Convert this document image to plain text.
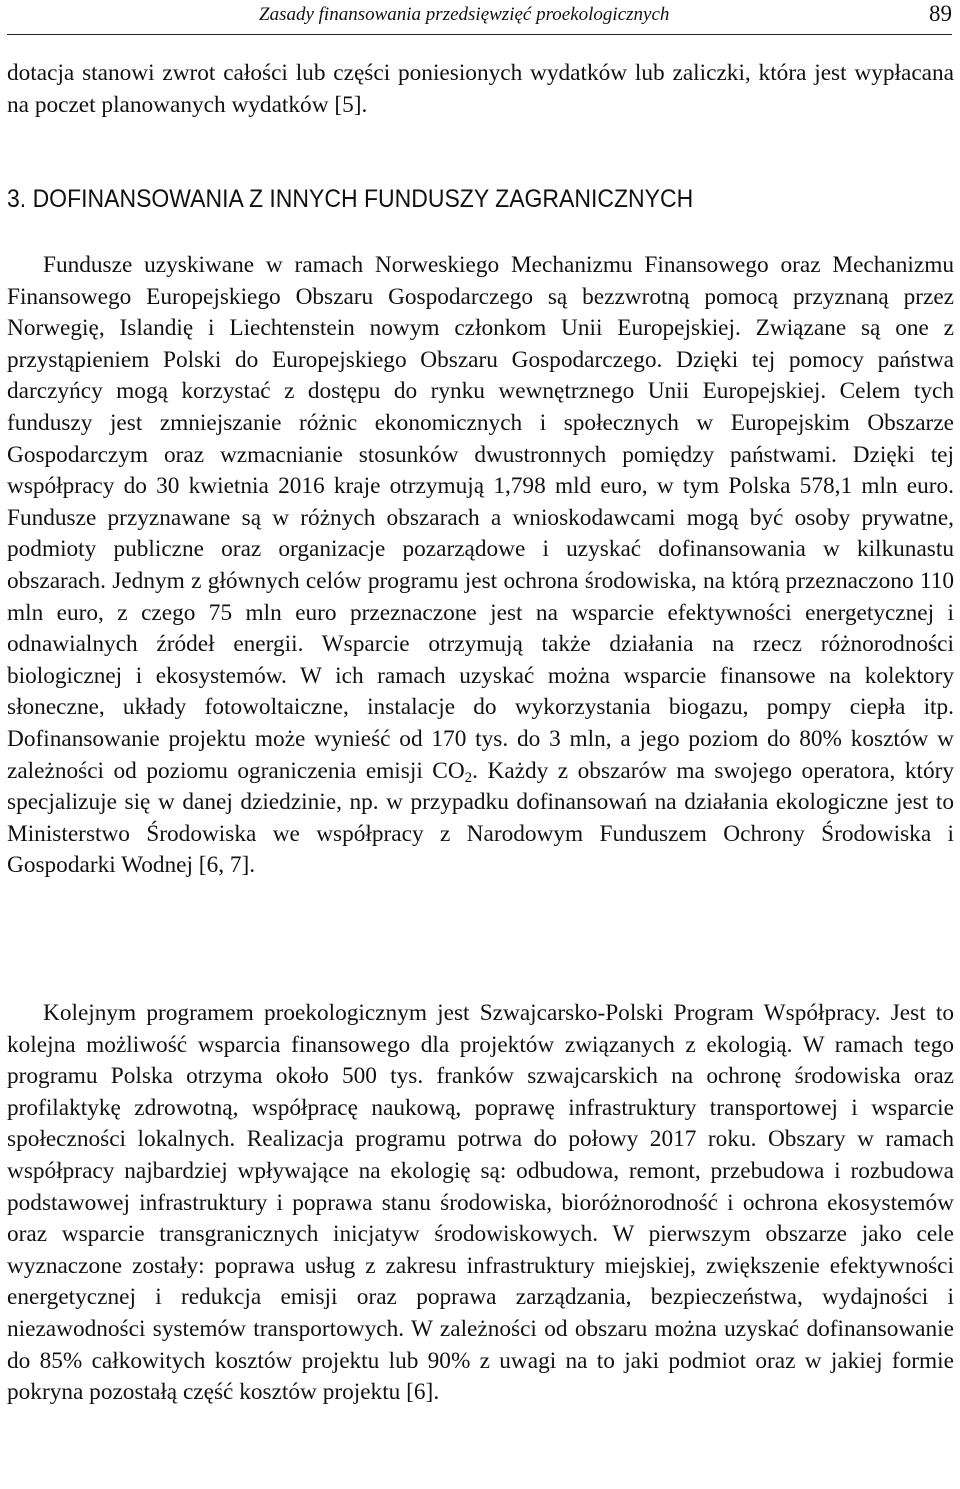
Zasady finansowania przedsięwzięć proekologicznych	89

dotacja stanowi zwrot całości lub części poniesionych wydatków lub zaliczki, która jest wypłacana na poczet planowanych wydatków [5].

3. DOFINANSOWANIA Z INNYCH FUNDUSZY ZAGRANICZNYCH

Fundusze uzyskiwane w ramach Norweskiego Mechanizmu Finansowego oraz Mechanizmu Finansowego Europejskiego Obszaru Gospodarczego są bezzwrotną pomocą przyznaną przez Norwegię, Islandię i Liechtenstein nowym członkom Unii Europejskiej. Związane są one z przystąpieniem Polski do Europejskiego Obszaru Gospodarczego. Dzięki tej pomocy państwa darczyńcy mogą korzystać z dostępu do rynku wewnętrznego Unii Europejskiej. Celem tych funduszy jest zmniejszanie różnic ekonomicznych i społecznych w Europejskim Obszarze Gospodarczym oraz wzmacnianie stosunków dwustronnych pomiędzy państwami. Dzięki tej współpracy do 30 kwietnia 2016 kraje otrzymują 1,798 mld euro, w tym Polska 578,1 mln euro. Fundusze przyznawane są w różnych obszarach a wnioskodawcami mogą być osoby prywatne, podmioty publiczne oraz organizacje pozarządowe i uzyskać dofinansowania w kilkunastu obszarach. Jednym z głównych celów programu jest ochrona środowiska, na którą przeznaczono 110 mln euro, z czego 75 mln euro przeznaczone jest na wsparcie efektywności energetycznej i odnawialnych źródeł energii. Wsparcie otrzymują także działania na rzecz różnorodności biologicznej i ekosystemów. W ich ramach uzyskać można wsparcie finansowe na kolektory słoneczne, układy fotowoltaiczne, instalacje do wykorzystania biogazu, pompy ciepła itp. Dofinansowanie projektu może wynieść od 170 tys. do 3 mln, a jego poziom do 80% kosztów w zależności od poziomu ograniczenia emisji $CO_2$. Każdy z obszarów ma swojego operatora, który specjalizuje się w danej dziedzinie, np. w przypadku dofinansowań na działania ekologiczne jest to Ministerstwo Środowiska we współpracy z Narodowym Funduszem Ochrony Środowiska i Gospodarki Wodnej [6, 7].

Kolejnym programem proekologicznym jest Szwajcarsko-Polski Program Współpracy. Jest to kolejna możliwość wsparcia finansowego dla projektów związanych z ekologią. W ramach tego programu Polska otrzyma około 500 tys. franków szwajcarskich na ochronę środowiska oraz profilaktykę zdrowotną, współpracę naukową, poprawę infrastruktury transportowej i wsparcie społeczności lokalnych. Realizacja programu potrwa do połowy 2017 roku. Obszary w ramach współpracy najbardziej wpływające na ekologię są: odbudowa, remont, przebudowa i rozbudowa podstawowej infrastruktury i poprawa stanu środowiska, bioróżnorodność i ochrona ekosystemów oraz wsparcie transgranicznych inicjatyw środowiskowych. W pierwszym obszarze jako cele wyznaczone zostały: poprawa usług z zakresu infrastruktury miejskiej, zwiększenie efektywności energetycznej i redukcja emisji oraz poprawa zarządzania, bezpieczeństwa, wydajności i niezawodności systemów transportowych. W zależności od obszaru można uzyskać dofinansowanie do 85% całkowitych kosztów projektu lub 90% z uwagi na to jaki podmiot oraz w jakiej formie pokryna pozostałą część kosztów projektu [6].
